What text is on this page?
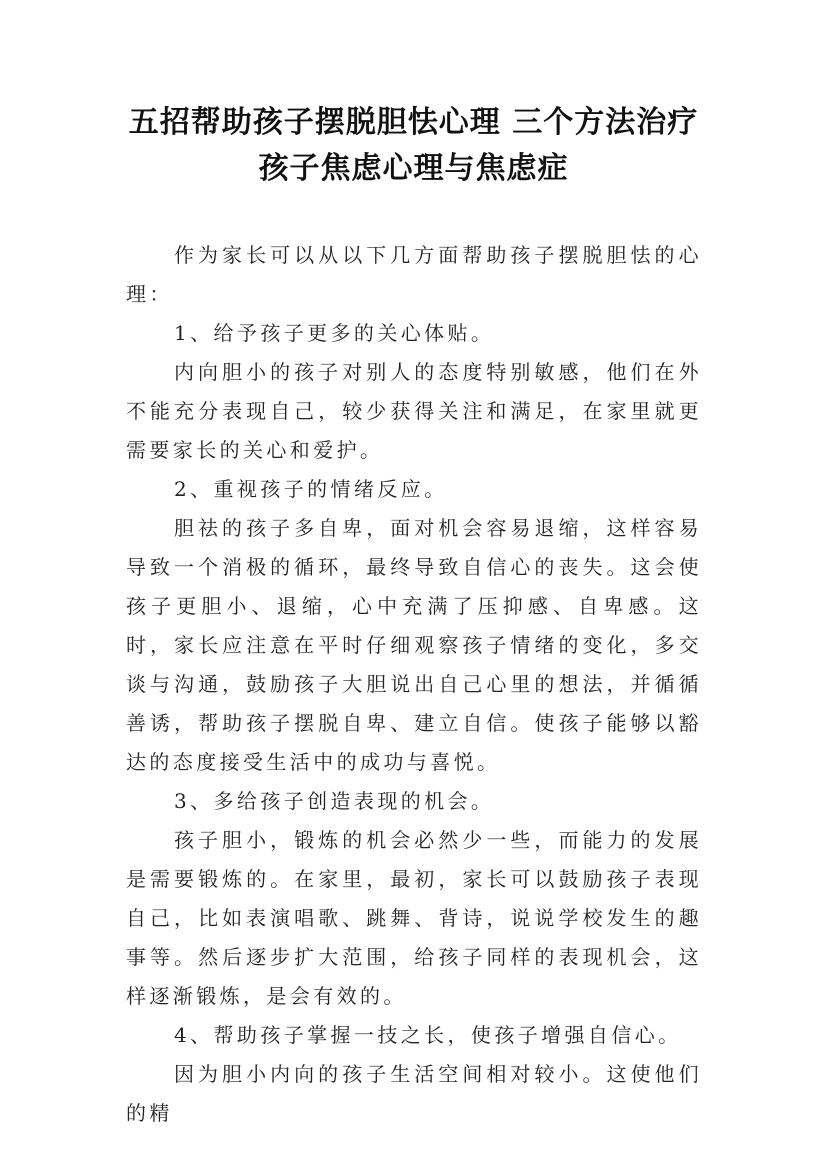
五招帮助孩子摆脱胆怯心理 三个方法治疗
孩子焦虑心理与焦虑症

作为家长可以从以下几方面帮助孩子摆脱胆怯的心理：

1、给予孩子更多的关心体贴。

内向胆小的孩子对别人的态度特别敏感，他们在外不能充分表现自己，较少获得关注和满足，在家里就更需要家长的关心和爱护。

2、重视孩子的情绪反应。

胆祛的孩子多自卑，面对机会容易退缩，这样容易导致一个消极的循环，最终导致自信心的丧失。这会使孩子更胆小、退缩，心中充满了压抑感、自卑感。这时，家长应注意在平时仔细观察孩子情绪的变化，多交谈与沟通，鼓励孩子大胆说出自己心里的想法，并循循善诱，帮助孩子摆脱自卑、建立自信。使孩子能够以豁达的态度接受生活中的成功与喜悦。

3、多给孩子创造表现的机会。

孩子胆小，锻炼的机会必然少一些，而能力的发展是需要锻炼的。在家里，最初，家长可以鼓励孩子表现自己，比如表演唱歌、跳舞、背诗，说说学校发生的趣事等。然后逐步扩大范围，给孩子同样的表现机会，这样逐渐锻炼，是会有效的。

4、帮助孩子掌握一技之长，使孩子增强自信心。

因为胆小内向的孩子生活空间相对较小。这使他们的精
